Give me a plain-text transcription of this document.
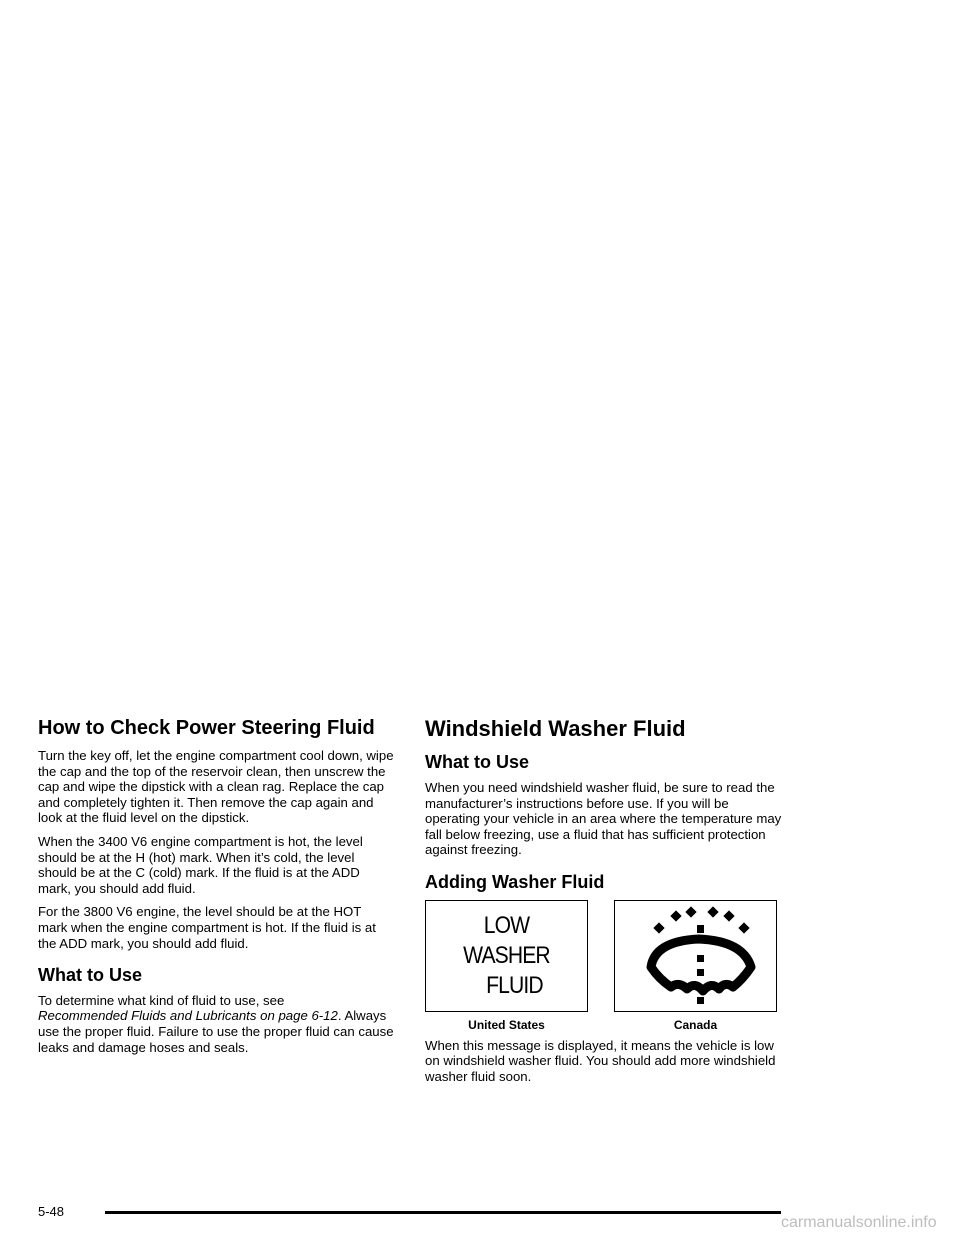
How to Check Power Steering Fluid

Turn the key off, let the engine compartment cool down, wipe the cap and the top of the reservoir clean, then unscrew the cap and wipe the dipstick with a clean rag. Replace the cap and completely tighten it. Then remove the cap again and look at the fluid level on the dipstick.

When the 3400 V6 engine compartment is hot, the level should be at the H (hot) mark. When it’s cold, the level should be at the C (cold) mark. If the fluid is at the ADD mark, you should add fluid.

For the 3800 V6 engine, the level should be at the HOT mark when the engine compartment is hot. If the fluid is at the ADD mark, you should add fluid.

What to Use

To determine what kind of fluid to use, see
Recommended Fluids and Lubricants on page 6-12. Always use the proper fluid. Failure to use the proper fluid can cause leaks and damage hoses and seals.

Windshield Washer Fluid
What to Use

When you need windshield washer fluid, be sure to read the manufacturer’s instructions before use. If you will be operating your vehicle in an area where the temperature may fall below freezing, use a fluid that has sufficient protection against freezing.

Adding Washer Fluid
LOW
WASHER
FLUID
United States	Canada

When this message is displayed, it means the vehicle is low on windshield washer fluid. You should add more windshield washer fluid soon.

5-48
carmanualsonline.info
